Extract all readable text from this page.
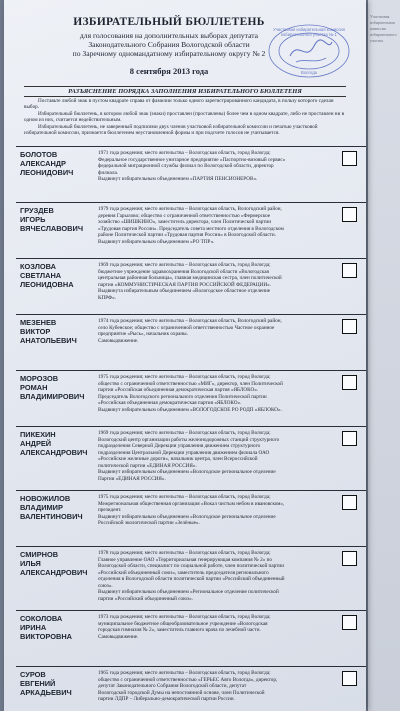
Участковая избирательная комиссия избирательного участка
ИЗБИРАТЕЛЬНЫЙ БЮЛЛЕТЕНЬ
для голосования на дополнительных выборах депутата
Законодательного Собрания Вологодской области
по Заречному одномандатному избирательному округу № 2
8 сентября 2013 года
Участковая избирательная комиссия
избирательного участка № 1
Вологда
РАЗЪЯСНЕНИЕ ПОРЯДКА ЗАПОЛНЕНИЯ ИЗБИРАТЕЛЬНОГО БЮЛЛЕТЕНЯ

Поставьте любой знак в пустом квадрате справа от фамилии только одного зарегистрированного кандидата, в пользу которого сделан выбор.

Избирательный бюллетень, в котором любой знак (знаки) проставлен (проставлены) более чем в одном квадрате, либо не проставлен ни в одном из них, считается недействительным.

Избирательный бюллетень, не заверенный подписями двух членов участковой избирательной комиссии и печатью участковой избирательной комиссии, признается бюллетенем неустановленной формы и при подсчете голосов не учитывается.

БОЛОТОВ
АЛЕКСАНДР
ЛЕОНИДОВИЧ
1971 года рождения; место жительства – Вологодская область, город Вологда;
Федеральное государственное унитарное предприятие «Паспортно-визовый сервис»
федеральной миграционной службы филиал по Вологодской области, директор
филиала.
Выдвинут избирательным объединением «ПАРТИЯ ПЕНСИОНЕРОВ».
ГРУЗДЕВ
ИГОРЬ
ВЯЧЕСЛАВОВИЧ
1979 года рождения; место жительства – Вологодская область, Вологодский район,
деревня Гарылово; общество с ограниченной ответственностью «Фермерское
хозяйство «ШИШКИНО», заместитель директора, член Политической партии
«Трудовая партия России». Председатель совета местного отделения в Вологодском
районе Политической партии «Трудовая партия России» в Вологодской области.
Выдвинут избирательным объединением «РО ТПР».
КОЗЛОВА
СВЕТЛАНА
ЛЕОНИДОВНА
1969 года рождения; место жительства – Вологодская область, город Вологда;
бюджетное учреждение здравоохранения Вологодской области «Вологодская
центральная районная больница», главная медицинская сестра, член политической
партии «КОММУНИСТИЧЕСКАЯ ПАРТИЯ РОССИЙСКОЙ ФЕДЕРАЦИИ».
Выдвинута избирательным объединением «Вологодское областное отделение
КПРФ».
МЕЗЕНЕВ
ВИКТОР
АНАТОЛЬЕВИЧ
1974 года рождения; место жительства – Вологодская область, Вологодский район,
село Кубенское; общество с ограниченной ответственностью Частное охранное
предприятие «Рысь», начальник охраны.
Самовыдвижение.
МОРОЗОВ
РОМАН
ВЛАДИМИРОВИЧ
1975 года рождения; место жительства – Вологодская область, город Вологда;
общество с ограниченной ответственностью «МИГ», директор, член Политической
партии «Российская объединенная демократическая партия «ЯБЛОКО».
Председатель Вологодского регионального отделения Политической партии
«Российская объединенная демократическая партия «ЯБЛОКО».
Выдвинут избирательным объединением «ВОЛОГОДСКОЕ РО РОДП «ЯБЛОКО».
ПИКЕХИН
АНДРЕЙ
АЛЕКСАНДРОВИЧ
1969 года рождения; место жительства – Вологодская область, город Вологда;
Вологодский центр организации работы железнодорожных станций структурного
подразделения Северной Дирекции управления движением структурного
подразделения Центральной Дирекции управления движением филиала ОАО
«Российские железные дороги», начальник центра, член Всероссийской
политической партии «ЕДИНАЯ РОССИЯ».
Выдвинут избирательным объединением «Вологодское региональное отделение
Партии «ЕДИНАЯ РОССИЯ».
НОВОЖИЛОВ
ВЛАДИМИР
ВАЛЕНТИНОВИЧ
1975 года рождения; место жительства – Вологодская область, город Вологда;
Межрегиональная общественная организация «Вокал чистым небом в ивановском»,
президент.
Выдвинут избирательным объединением «Вологодское региональное отделение
Российской экологической партии «Зелёные».
СМИРНОВ
ИЛЬЯ
АЛЕКСАНДРОВИЧ
1978 года рождения; место жительства – Вологодская область, город Вологда;
Главное управление ОАО «Территориальная генерирующая компания № 2» по
Вологодской области, специалист по социальной работе, член политической партии
«Российский объединенный союз», заместитель председателя регионального
отделения в Вологодской области политической партии «Российский объединенный
союз».
Выдвинут избирательным объединением «Региональное отделение политической
партии «Российский объединенный союз».
СОКОЛОВА
ИРИНА
ВИКТОРОВНА
1973 года рождения; место жительства – Вологодская область, город Вологда;
муниципальное бюджетное общеобразовательное учреждение «Вологодская
городская гимназия № 2», заместитель главного врача по лечебной части.
Самовыдвижение.
СУРОВ
ЕВГЕНИЙ
АРКАДЬЕВИЧ
1965 года рождения; место жительства – Вологодская область, город Вологда;
общество с ограниченной ответственностью «ГЕРЬЕС Авто Вологда», директор,
депутат Законодательного Собрания Вологодской области, депутат
Вологодской городской Думы на непостоянной основе, член Политической
партии ЛДПР – Либерально-демократической партии России.
